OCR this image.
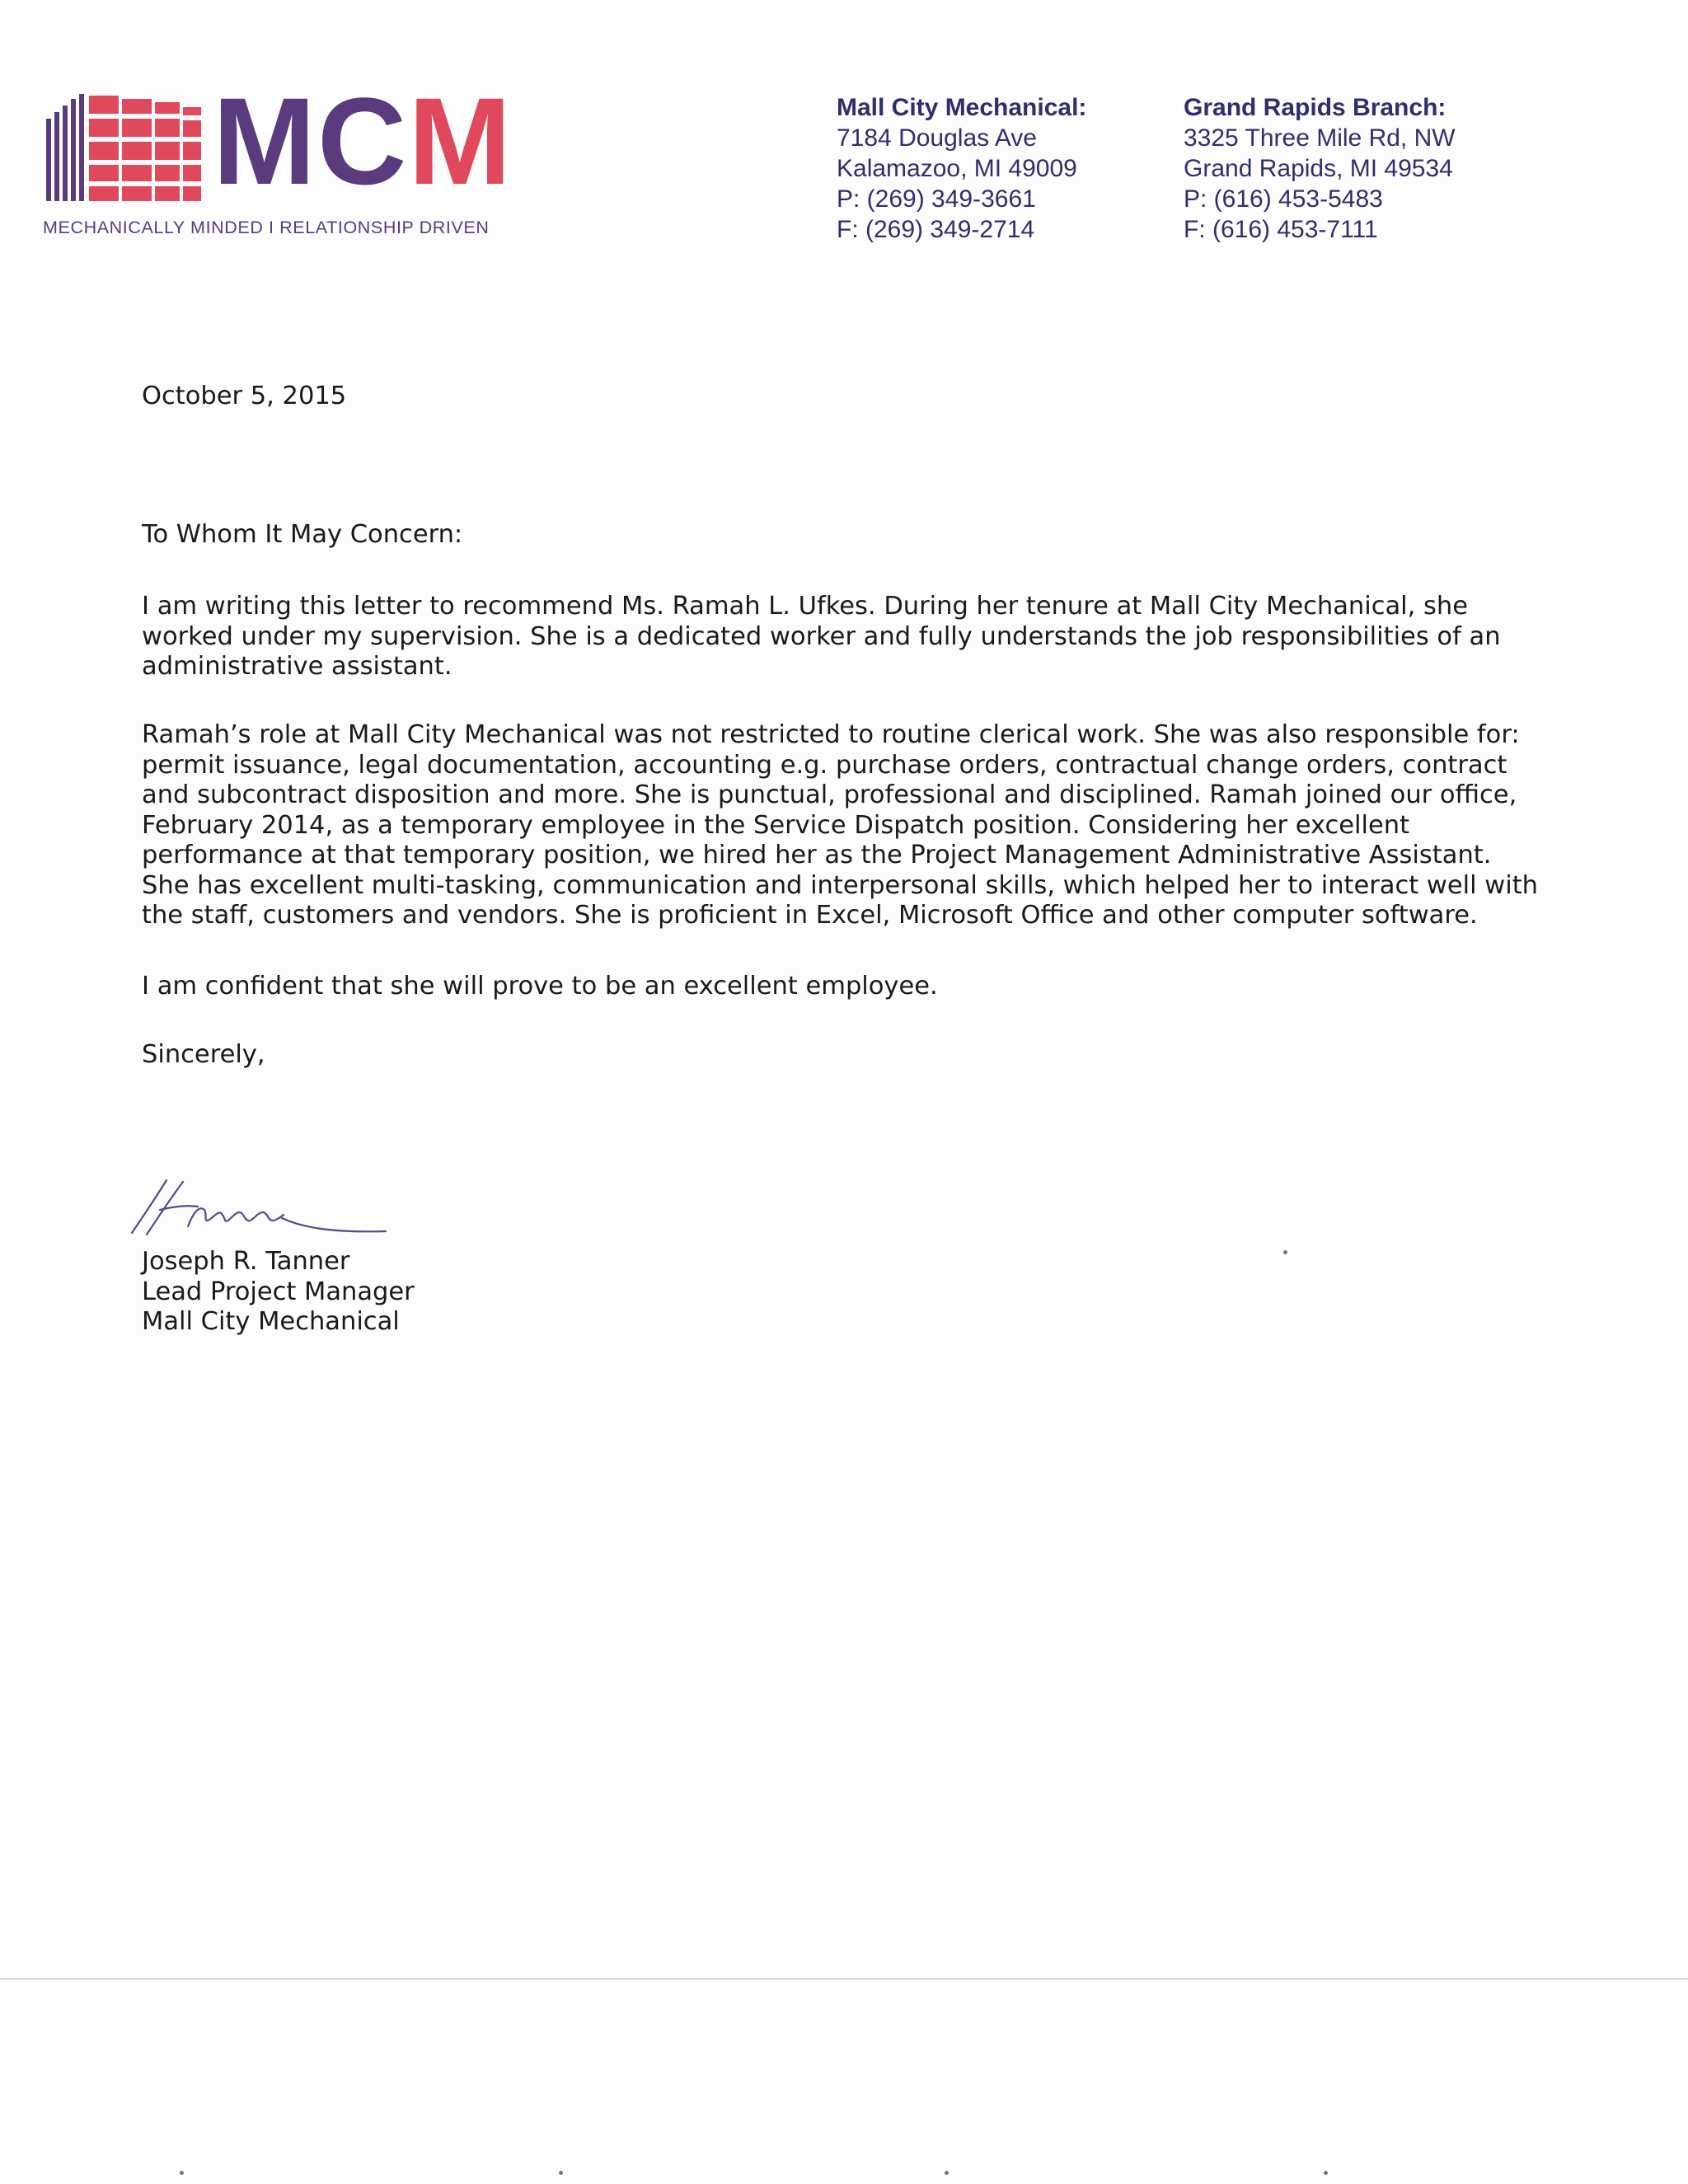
MCM
MECHANICALLY MINDED I RELATIONSHIP DRIVEN
Mall City Mechanical:
7184 Douglas Ave
Kalamazoo, MI 49009
P: (269) 349-3661
F: (269) 349-2714
Grand Rapids Branch:
3325 Three Mile Rd, NW
Grand Rapids, MI 49534
P: (616) 453-5483
F: (616) 453-7111
October 5, 2015
To Whom It May Concern:

I am writing this letter to recommend Ms. Ramah L. Ufkes. During her tenure at Mall City Mechanical, she worked under my supervision. She is a dedicated worker and fully understands the job responsibilities of an administrative assistant.

Ramah’s role at Mall City Mechanical was not restricted to routine clerical work. She was also responsible for: permit issuance, legal documentation, accounting e.g. purchase orders, contractual change orders, contract and subcontract disposition and more. She is punctual, professional and disciplined. Ramah joined our office, February 2014, as a temporary employee in the Service Dispatch position. Considering her excellent performance at that temporary position, we hired her as the Project Management Administrative Assistant. She has excellent multi-tasking, communication and interpersonal skills, which helped her to interact well with the staff, customers and vendors. She is proficient in Excel, Microsoft Office and other computer software.

I am confident that she will prove to be an excellent employee.

Sincerely,
Joseph R. Tanner
Lead Project Manager
Mall City Mechanical
